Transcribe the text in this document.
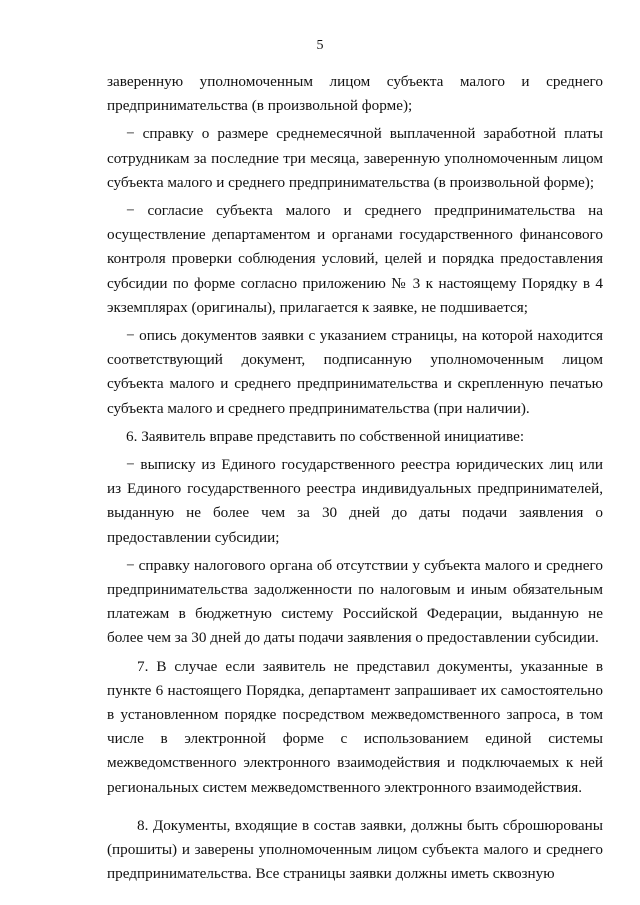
5

заверенную уполномоченным лицом субъекта малого и среднего предпринимательства (в произвольной форме);

− справку о размере среднемесячной выплаченной заработной платы сотрудникам за последние три месяца, заверенную уполномоченным лицом субъекта малого и среднего предпринимательства (в произвольной форме);

− согласие субъекта малого и среднего предпринимательства на осуществление департаментом и органами государственного финансового контроля проверки соблюдения условий, целей и порядка предоставления субсидии по форме согласно приложению № 3 к настоящему Порядку в 4 экземплярах (оригиналы), прилагается к заявке, не подшивается;

− опись документов заявки с указанием страницы, на которой находится соответствующий документ, подписанную уполномоченным лицом субъекта малого и среднего предпринимательства и скрепленную печатью субъекта малого и среднего предпринимательства (при наличии).

6. Заявитель вправе представить по собственной инициативе:

− выписку из Единого государственного реестра юридических лиц или из Единого государственного реестра индивидуальных предпринимателей, выданную не более чем за 30 дней до даты подачи заявления о предоставлении субсидии;

− справку налогового органа об отсутствии у субъекта малого и среднего предпринимательства задолженности по налоговым и иным обязательным платежам в бюджетную систему Российской Федерации, выданную не более чем за 30 дней до даты подачи заявления о предоставлении субсидии.

7. В случае если заявитель не представил документы, указанные в пункте 6 настоящего Порядка, департамент запрашивает их самостоятельно в установленном порядке посредством межведомственного запроса, в том числе в электронной форме с использованием единой системы межведомственного электронного взаимодействия и подключаемых к ней региональных систем межведомственного электронного взаимодействия.

8. Документы, входящие в состав заявки, должны быть сброшюрованы (прошиты) и заверены уполномоченным лицом субъекта малого и среднего предпринимательства. Все страницы заявки должны иметь сквозную
